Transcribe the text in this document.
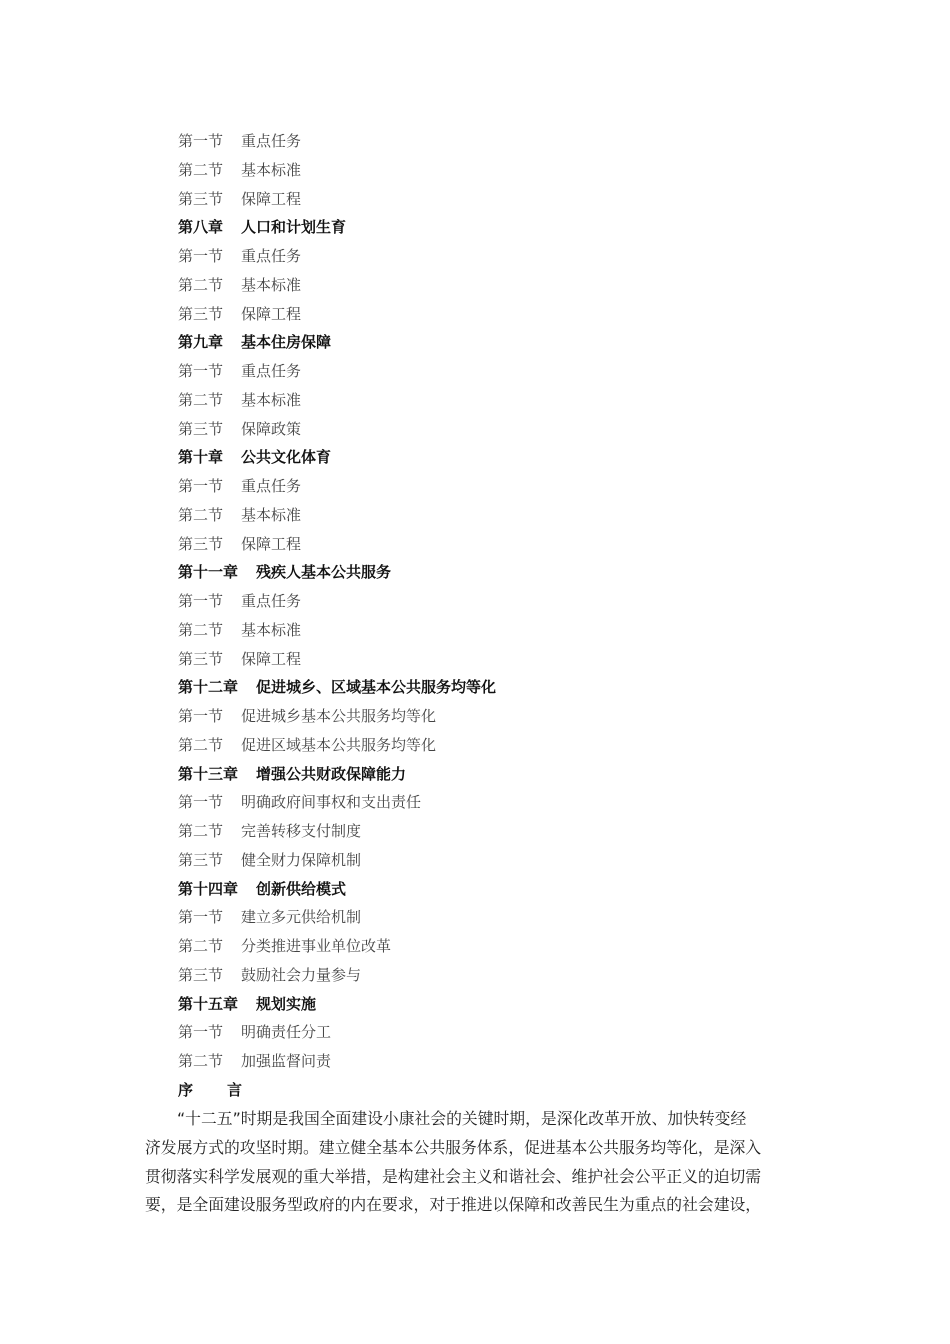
第一节 重点任务
第二节 基本标准
第三节 保障工程
第八章 人口和计划生育
第一节 重点任务
第二节 基本标准
第三节 保障工程
第九章 基本住房保障
第一节 重点任务
第二节 基本标准
第三节 保障政策
第十章 公共文化体育
第一节 重点任务
第二节 基本标准
第三节 保障工程
第十一章 残疾人基本公共服务
第一节 重点任务
第二节 基本标准
第三节 保障工程
第十二章 促进城乡、区域基本公共服务均等化
第一节 促进城乡基本公共服务均等化
第二节 促进区域基本公共服务均等化
第十三章 增强公共财政保障能力
第一节 明确政府间事权和支出责任
第二节 完善转移支付制度
第三节 健全财力保障机制
第十四章 创新供给模式
第一节 建立多元供给机制
第二节 分类推进事业单位改革
第三节 鼓励社会力量参与
第十五章 规划实施
第一节 明确责任分工
第二节 加强监督问责
序 言
“十二五”时期是我国全面建设小康社会的关键时期，是深化改革开放、加快转变经
济发展方式的攻坚时期。建立健全基本公共服务体系，促进基本公共服务均等化，是深入
贯彻落实科学发展观的重大举措，是构建社会主义和谐社会、维护社会公平正义的迫切需
要，是全面建设服务型政府的内在要求，对于推进以保障和改善民生为重点的社会建设，
